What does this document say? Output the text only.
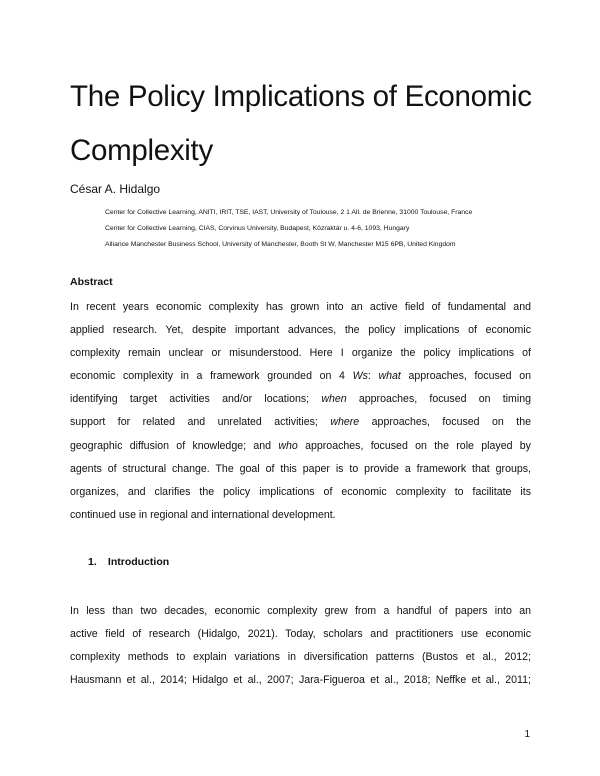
The Policy Implications of Economic
Complexity

César A. Hidalgo

Center for Collective Learning, ANITI, IRIT, TSE, IAST, University of Toulouse, 2 1 All. de Brienne, 31000 Toulouse, France
Center for Collective Learning, CIAS, Corvinus University, Budapest, Közraktár u. 4-6, 1093, Hungary
Alliance Manchester Business School, University of Manchester, Booth St W, Manchester M15 6PB, United Kingdom
Abstract
In recent years economic complexity has grown into an active field of fundamental and
applied research. Yet, despite important advances, the policy implications of economic
complexity remain unclear or misunderstood. Here I organize the policy implications of
economic complexity in a framework grounded on 4 Ws: what approaches, focused on
identifying target activities and/or locations; when approaches, focused on timing
support for related and unrelated activities; where approaches, focused on the
geographic diffusion of knowledge; and who approaches, focused on the role played by
agents of structural change. The goal of this paper is to provide a framework that groups,
organizes, and clarifies the policy implications of economic complexity to facilitate its
continued use in regional and international development.
1. Introduction
In less than two decades, economic complexity grew from a handful of papers into an
active field of research (Hidalgo, 2021). Today, scholars and practitioners use economic
complexity methods to explain variations in diversification patterns (Bustos et al., 2012;
Hausmann et al., 2014; Hidalgo et al., 2007; Jara-Figueroa et al., 2018; Neffke et al., 2011;
1
